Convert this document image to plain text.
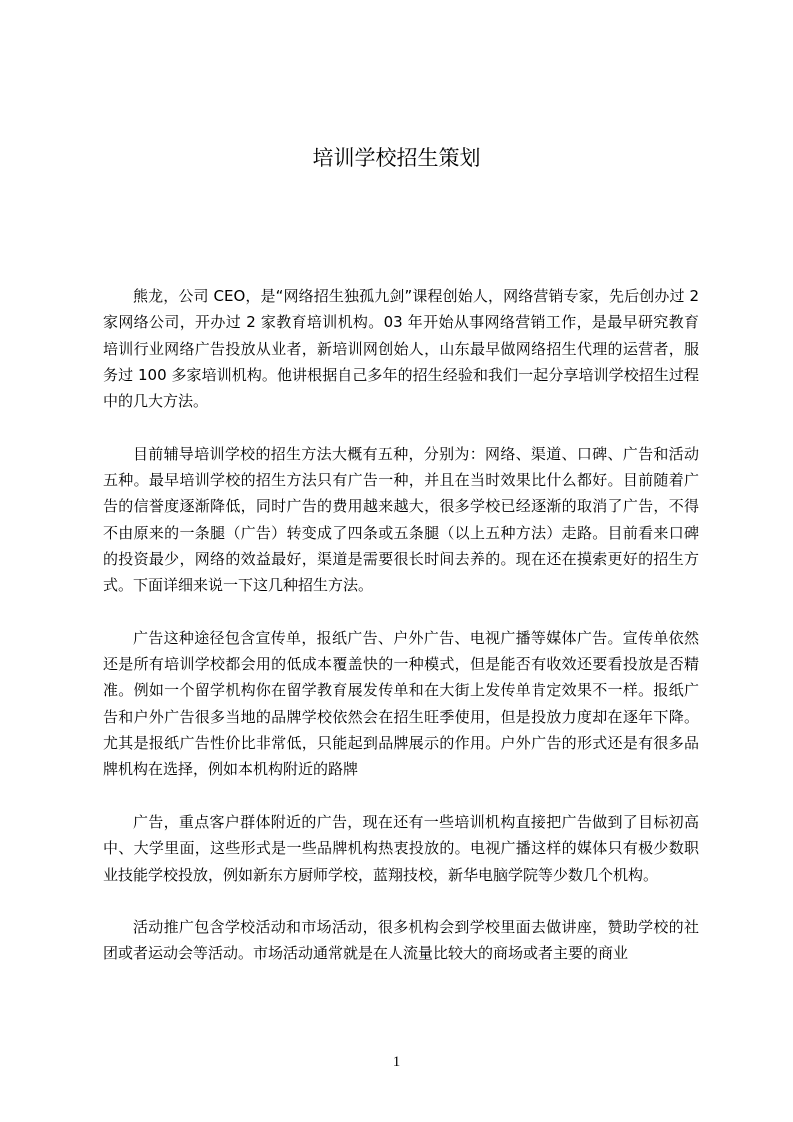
培训学校招生策划

熊龙，公司 CEO，是“网络招生独孤九剑”课程创始人，网络营销专家，先后创办过 2 家网络公司，开办过 2 家教育培训机构。03 年开始从事网络营销工作，是最早研究教育培训行业网络广告投放从业者，新培训网创始人，山东最早做网络招生代理的运营者，服务过 100 多家培训机构。他讲根据自己多年的招生经验和我们一起分享培训学校招生过程中的几大方法。

目前辅导培训学校的招生方法大概有五种，分别为：网络、渠道、口碑、广告和活动五种。最早培训学校的招生方法只有广告一种，并且在当时效果比什么都好。目前随着广告的信誉度逐渐降低，同时广告的费用越来越大，很多学校已经逐渐的取消了广告，不得不由原来的一条腿（广告）转变成了四条或五条腿（以上五种方法）走路。目前看来口碑的投资最少，网络的效益最好，渠道是需要很长时间去养的。现在还在摸索更好的招生方式。下面详细来说一下这几种招生方法。

广告这种途径包含宣传单，报纸广告、户外广告、电视广播等媒体广告。宣传单依然还是所有培训学校都会用的低成本覆盖快的一种模式，但是能否有收效还要看投放是否精准。例如一个留学机构你在留学教育展发传单和在大街上发传单肯定效果不一样。报纸广告和户外广告很多当地的品牌学校依然会在招生旺季使用，但是投放力度却在逐年下降。尤其是报纸广告性价比非常低，只能起到品牌展示的作用。户外广告的形式还是有很多品牌机构在选择，例如本机构附近的路牌

广告，重点客户群体附近的广告，现在还有一些培训机构直接把广告做到了目标初高中、大学里面，这些形式是一些品牌机构热衷投放的。电视广播这样的媒体只有极少数职业技能学校投放，例如新东方厨师学校，蓝翔技校，新华电脑学院等少数几个机构。

活动推广包含学校活动和市场活动，很多机构会到学校里面去做讲座，赞助学校的社团或者运动会等活动。市场活动通常就是在人流量比较大的商场或者主要的商业

1
